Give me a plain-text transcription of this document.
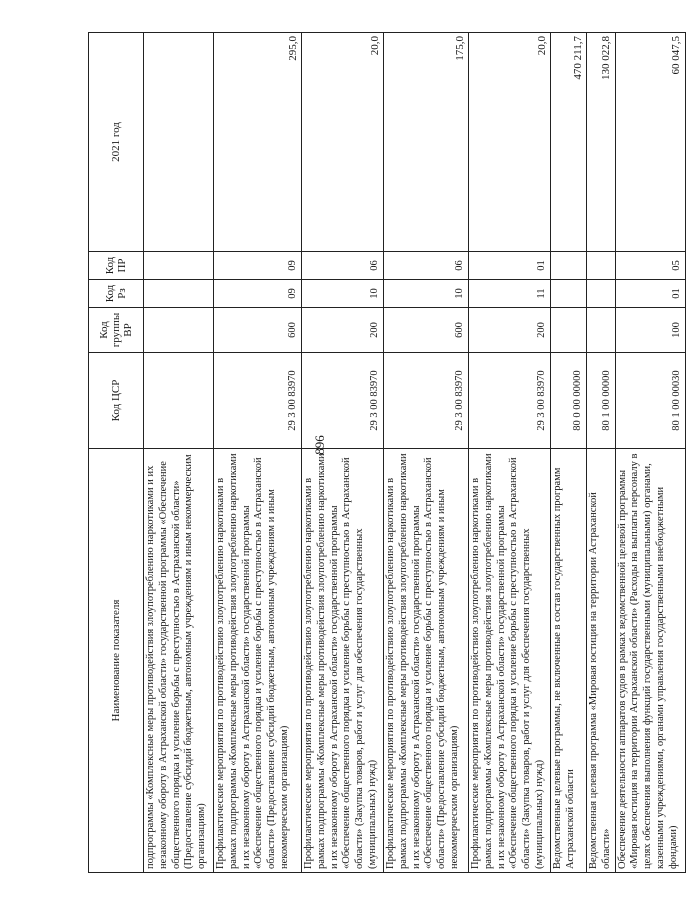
896
Наименование показателя	Код ЦСР	Код группы ВР	Код Рз	Код ПР	2021 год
подпрограммы «Комплексные меры противодействия злоупотреблению наркотиками и их незаконному обороту в Астраханской области» государственной программы «Обеспечение общественного порядка и усиление борьбы с преступностью в Астраханской области» (Предоставление субсидий бюджетным, автономным учреждениям и иным некоммерческим организациям)					
Профилактические мероприятия по противодействию злоупотреблению наркотиками в рамках подпрограммы «Комплексные меры противодействия злоупотреблению наркотиками и их незаконному обороту в Астраханской области» государственной программы «Обеспечение общественного порядка и усиление борьбы с преступностью в Астраханской области» (Предоставление субсидий бюджетным, автономным учреждениям и иным некоммерческим организациям)	29 3 00 83970	600	09	09	295,0
Профилактические мероприятия по противодействию злоупотреблению наркотиками в рамках подпрограммы «Комплексные меры противодействия злоупотреблению наркотиками и их незаконному обороту в Астраханской области» государственной программы «Обеспечение общественного порядка и усиление борьбы с преступностью в Астраханской области» (Закупка товаров, работ и услуг для обеспечения государственных (муниципальных) нужд)	29 3 00 83970	200	10	06	20,0
Профилактические мероприятия по противодействию злоупотреблению наркотиками в рамках подпрограммы «Комплексные меры противодействия злоупотреблению наркотиками и их незаконному обороту в Астраханской области» государственной программы «Обеспечение общественного порядка и усиление борьбы с преступностью в Астраханской области» (Предоставление субсидий бюджетным, автономным учреждениям и иным некоммерческим организациям)	29 3 00 83970	600	10	06	175,0
Профилактические мероприятия по противодействию злоупотреблению наркотиками в рамках подпрограммы «Комплексные меры противодействия злоупотреблению наркотиками и их незаконному обороту в Астраханской области» государственной программы «Обеспечение общественного порядка и усиление борьбы с преступностью в Астраханской области» (Закупка товаров, работ и услуг для обеспечения государственных (муниципальных) нужд)	29 3 00 83970	200	11	01	20,0
Ведомственные целевые программы, не включенные в состав государственных программ Астраханской области	80 0 00 00000				470 211,7
Ведомственная целевая программа «Мировая юстиция на территории Астраханской области»	80 1 00 00000				130 022,8
Обеспечение деятельности аппаратов судов в рамках ведомственной целевой программы «Мировая юстиция на территории Астраханской области» (Расходы на выплаты персоналу в целях обеспечения выполнения функций государственными (муниципальными) органами, казенными учреждениями, органами управления государственными внебюджетными фондами)	80 1 00 00030	100	01	05	60 047,5
